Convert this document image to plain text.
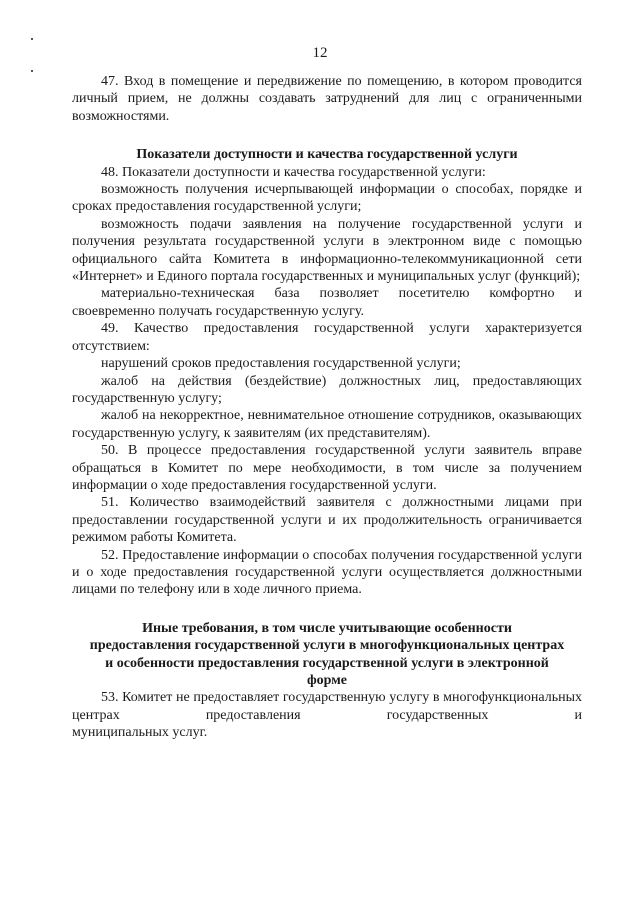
12

47. Вход в помещение и передвижение по помещению, в котором проводится личный прием, не должны создавать затруднений для лиц с ограниченными возможностями.

Показатели доступности и качества государственной услуги

48. Показатели доступности и качества государственной услуги:

возможность получения исчерпывающей информации о способах, порядке и сроках предоставления государственной услуги;

возможность подачи заявления на получение государственной услуги и получения результата государственной услуги в электронном виде с помощью официального сайта Комитета в информационно-телекоммуникационной сети «Интернет» и Единого портала государственных и муниципальных услуг (функций);

материально-техническая база позволяет посетителю комфортно и своевременно получать государственную услугу.

49. Качество предоставления государственной услуги характеризуется отсутствием:

нарушений сроков предоставления государственной услуги;

жалоб на действия (бездействие) должностных лиц, предоставляющих государственную услугу;

жалоб на некорректное, невнимательное отношение сотрудников, оказывающих государственную услугу, к заявителям (их представителям).

50. В процессе предоставления государственной услуги заявитель вправе обращаться в Комитет по мере необходимости, в том числе за получением информации о ходе предоставления государственной услуги.

51. Количество взаимодействий заявителя с должностными лицами при предоставлении государственной услуги и их продолжительность ограничивается режимом работы Комитета.

52. Предоставление информации о способах получения государственной услуги и о ходе предоставления государственной услуги осуществляется должностными лицами по телефону или в ходе личного приема.

Иные требования, в том числе учитывающие особенности

предоставления государственной услуги в многофункциональных центрах

и особенности предоставления государственной услуги в электронной

форме

53. Комитет не предоставляет государственную услугу в многофункциональных центрах предоставления государственных и

муниципальных услуг.
